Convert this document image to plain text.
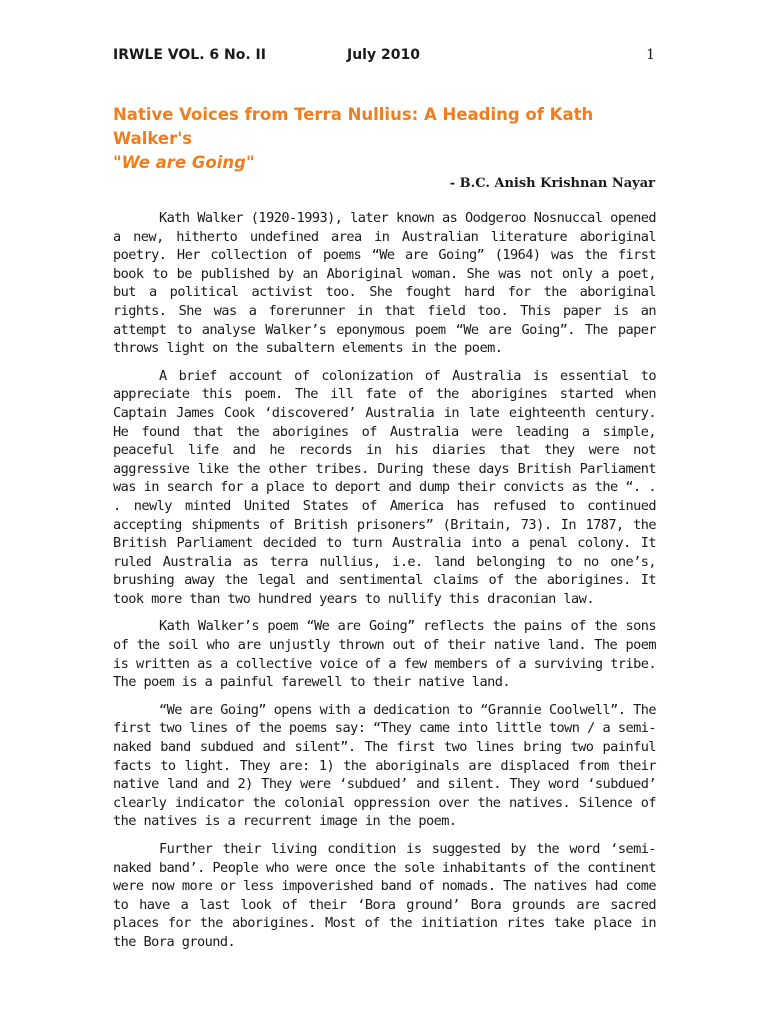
IRWLE VOL. 6 No. II	July 2010	1
Native Voices from Terra Nullius: A Heading of Kath Walker's
"We are Going"
- B.C. Anish Krishnan Nayar

Kath Walker (1920-1993), later known as Oodgeroo Nosnuccal opened a new, hitherto undefined area in Australian literature aboriginal poetry. Her collection of poems “We are Going” (1964) was the first book to be published by an Aboriginal woman. She was not only a poet, but a political activist too. She fought hard for the aboriginal rights. She was a forerunner in that field too. This paper is an attempt to analyse Walker’s eponymous poem “We are Going”. The paper throws light on the subaltern elements in the poem.

A brief account of colonization of Australia is essential to appreciate this poem. The ill fate of the aborigines started when Captain James Cook ‘discovered’ Australia in late eighteenth century. He found that the aborigines of Australia were leading a simple, peaceful life and he records in his diaries that they were not aggressive like the other tribes. During these days British Parliament was in search for a place to deport and dump their convicts as the “. . . newly minted United States of America has refused to continued accepting shipments of British prisoners” (Britain, 73). In 1787, the British Parliament decided to turn Australia into a penal colony. It ruled Australia as terra nullius, i.e. land belonging to no one’s, brushing away the legal and sentimental claims of the aborigines. It took more than two hundred years to nullify this draconian law.

Kath Walker’s poem “We are Going” reflects the pains of the sons of the soil who are unjustly thrown out of their native land. The poem is written as a collective voice of a few members of a surviving tribe. The poem is a painful farewell to their native land.

“We are Going” opens with a dedication to “Grannie Coolwell”. The first two lines of the poems say: “They came into little town / a semi-naked band subdued and silent”. The first two lines bring two painful facts to light. They are: 1) the aboriginals are displaced from their native land and 2) They were ‘subdued’ and silent. They word ‘subdued’ clearly indicator the colonial oppression over the natives. Silence of the natives is a recurrent image in the poem.

Further their living condition is suggested by the word ‘semi-naked band’. People who were once the sole inhabitants of the continent were now more or less impoverished band of nomads. The natives had come to have a last look of their ‘Bora ground’ Bora grounds are sacred places for the aborigines. Most of the initiation rites take place in the Bora ground.
